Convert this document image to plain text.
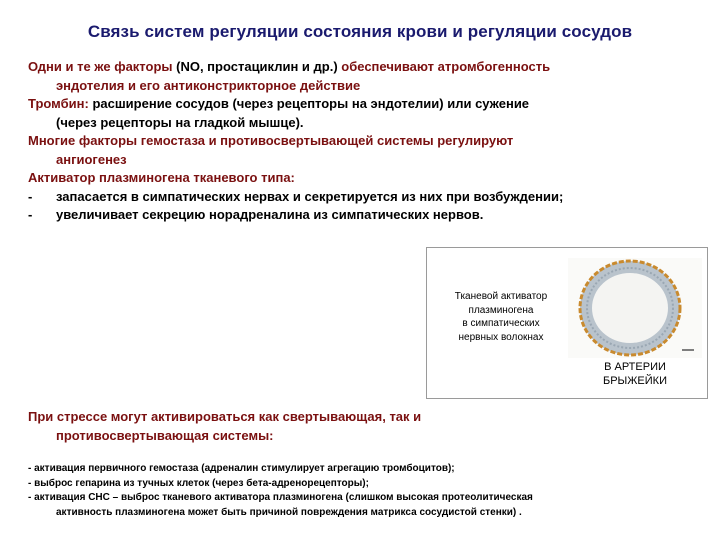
Связь систем регуляции состояния крови и регуляции сосудов

Одни и те же факторы (NO, простациклин и др.) обеспечивают атромбогенность

эндотелия и его антиконстрикторное действие

Тромбин: расширение сосудов (через рецепторы на эндотелии) или сужение

(через рецепторы на гладкой мышце).

Многие факторы гемостаза и противосвертывающей системы регулируют

ангиогенез

Активатор плазминогена тканевого типа:

-	запасается в симпатических нервах и секретируется из них при возбуждении;
-	увеличивает секрецию норадреналина из симпатических нервов.
Тканевой активатор
плазминогена
в симпатических
нервных волокнах
В АРТЕРИИ
БРЫЖЕЙКИ

При стрессе могут активироваться как свертывающая, так и

противосвертывающая системы:

- активация первичного гемостаза (адреналин стимулирует агрегацию тромбоцитов);

- выброс гепарина из тучных клеток (через бета-адренорецепторы);

- активация СНС – выброс тканевого активатора плазминогена (слишком высокая протеолитическая

активность плазминогена может быть причиной повреждения матрикса сосудистой стенки) .
